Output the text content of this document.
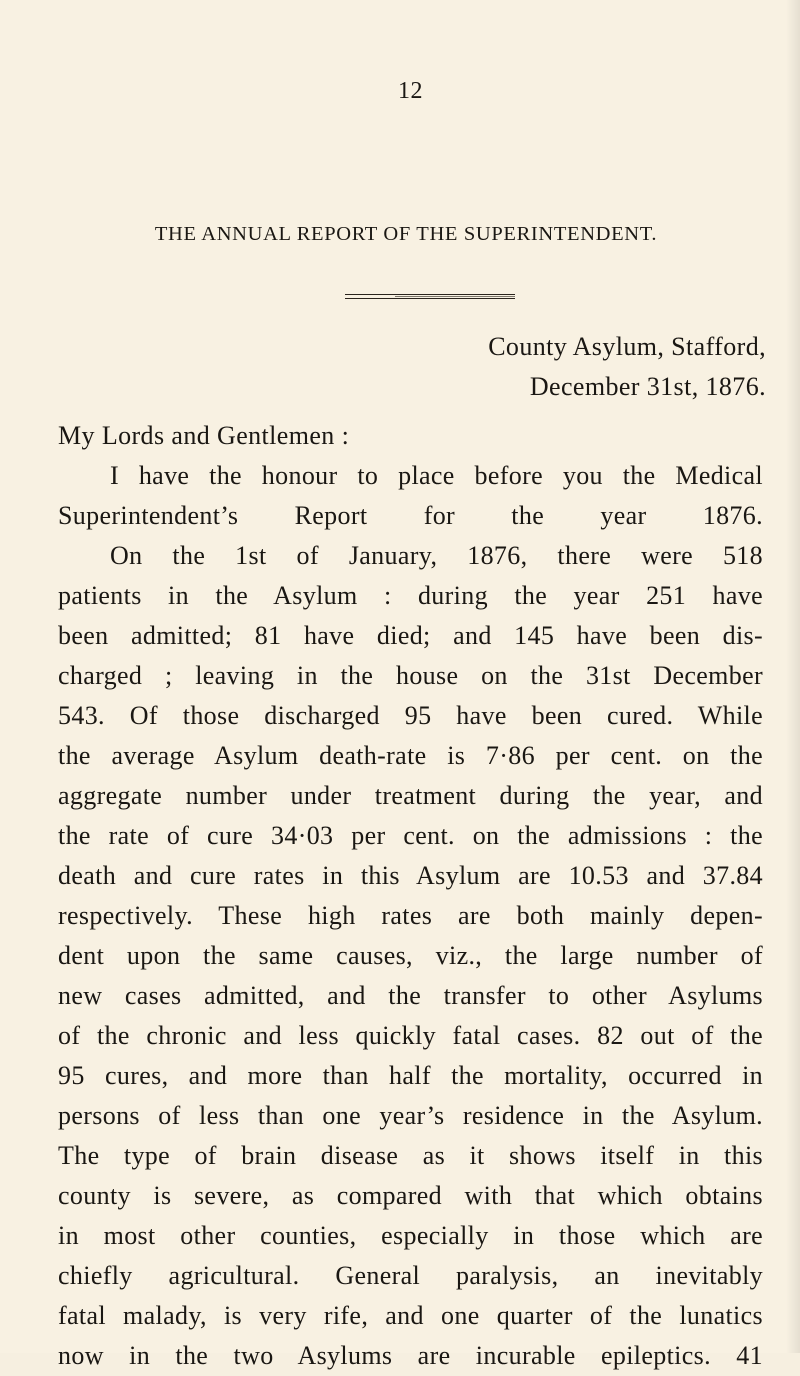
12
THE ANNUAL REPORT OF THE SUPERINTENDENT.
County Asylum, Stafford,
December 31st, 1876.
My Lords and Gentlemen :
I have the honour to place before you the Medical
Superintendent’s Report for the year 1876.
On the 1st of January, 1876, there were 518
patients in the Asylum : during the year 251 have
been admitted; 81 have died; and 145 have been dis-
charged ; leaving in the house on the 31st December
543. Of those discharged 95 have been cured. While
the average Asylum death-rate is 7·86 per cent. on the
aggregate number under treatment during the year, and
the rate of cure 34·03 per cent. on the admissions : the
death and cure rates in this Asylum are 10.53 and 37.84
respectively. These high rates are both mainly depen-
dent upon the same causes, viz., the large number of
new cases admitted, and the transfer to other Asylums
of the chronic and less quickly fatal cases. 82 out of the
95 cures, and more than half the mortality, occurred in
persons of less than one year’s residence in the Asylum.
The type of brain disease as it shows itself in this
county is severe, as compared with that which obtains
in most other counties, especially in those which are
chiefly agricultural. General paralysis, an inevitably
fatal malady, is very rife, and one quarter of the lunatics
now in the two Asylums are incurable epileptics. 41
